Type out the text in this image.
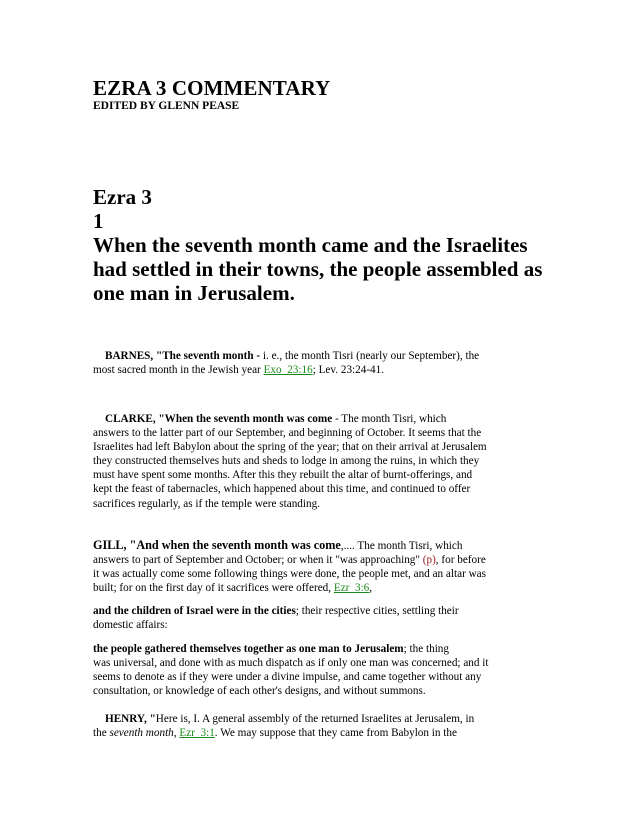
EZRA 3 COMMENTARY
EDITED BY GLENN PEASE
Ezra 3
1
When the seventh month came and the Israelites
had settled in their towns, the people assembled as
one man in Jerusalem.
BARNES, "The seventh month - i. e., the month Tisri (nearly our September), the
most sacred month in the Jewish year Exo_23:16; Lev. 23:24-41.
CLARKE, "When the seventh month was come - The month Tisri, which
answers to the latter part of our September, and beginning of October. It seems that the
Israelites had left Babylon about the spring of the year; that on their arrival at Jerusalem
they constructed themselves huts and sheds to lodge in among the ruins, in which they
must have spent some months. After this they rebuilt the altar of burnt-offerings, and
kept the feast of tabernacles, which happened about this time, and continued to offer
sacrifices regularly, as if the temple were standing.
GILL, "And when the seventh month was come,.... The month Tisri, which
answers to part of September and October; or when it "was approaching" (p), for before
it was actually come some following things were done, the people met, and an altar was
built; for on the first day of it sacrifices were offered, Ezr_3:6,
and the children of Israel were in the cities; their respective cities, settling their
domestic affairs:
the people gathered themselves together as one man to Jerusalem; the thing
was universal, and done with as much dispatch as if only one man was concerned; and it
seems to denote as if they were under a divine impulse, and came together without any
consultation, or knowledge of each other's designs, and without summons.
HENRY, "Here is, I. A general assembly of the returned Israelites at Jerusalem, in
the seventh month, Ezr_3:1. We may suppose that they came from Babylon in the
